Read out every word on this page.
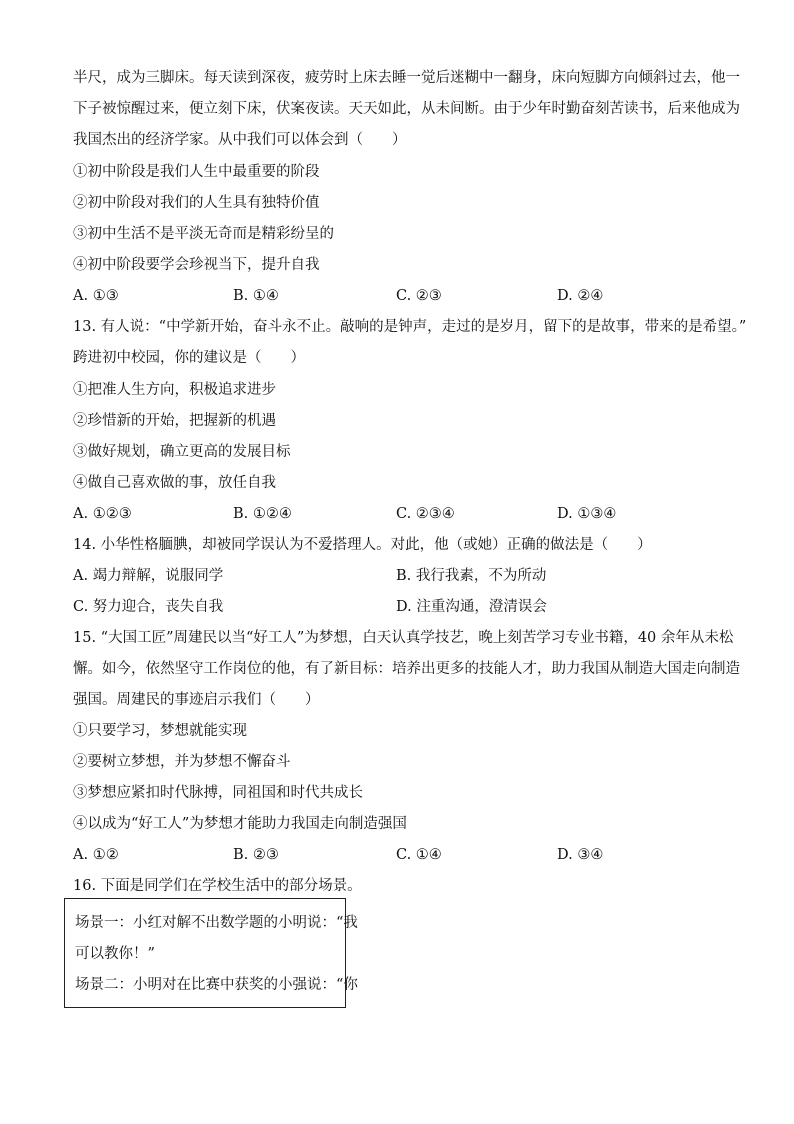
半尺，成为三脚床。每天读到深夜，疲劳时上床去睡一觉后迷糊中一翻身，床向短脚方向倾斜过去，他一
下子被惊醒过来，便立刻下床，伏案夜读。天天如此，从未间断。由于少年时勤奋刻苦读书，后来他成为
我国杰出的经济学家。从中我们可以体会到（　　）
①初中阶段是我们人生中最重要的阶段
②初中阶段对我们的人生具有独特价值
③初中生活不是平淡无奇而是精彩纷呈的
④初中阶段要学会珍视当下，提升自我
A. ①③	B. ①④	C. ②③	D. ②④
13. 有人说：“中学新开始，奋斗永不止。敲响的是钟声，走过的是岁月，留下的是故事，带来的是希望。”
跨进初中校园，你的建议是（　　）
①把准人生方向，积极追求进步
②珍惜新的开始，把握新的机遇
③做好规划，确立更高的发展目标
④做自己喜欢做的事，放任自我
A. ①②③	B. ①②④	C. ②③④	D. ①③④
14. 小华性格腼腆，却被同学误认为不爱搭理人。对此，他（或她）正确的做法是（　　）
A. 竭力辩解，说服同学	B. 我行我素，不为所动
C. 努力迎合，丧失自我	D. 注重沟通，澄清误会
15. “大国工匠”周建民以当“好工人”为梦想，白天认真学技艺，晚上刻苦学习专业书籍，40 余年从未松
懈。如今，依然坚守工作岗位的他，有了新目标：培养出更多的技能人才，助力我国从制造大国走向制造
强国。周建民的事迹启示我们（　　）
①只要学习，梦想就能实现
②要树立梦想，并为梦想不懈奋斗
③梦想应紧扣时代脉搏，同祖国和时代共成长
④以成为“好工人”为梦想才能助力我国走向制造强国
A. ①②	B. ②③	C. ①④	D. ③④
16. 下面是同学们在学校生活中的部分场景。
场景一：小红对解不出数学题的小明说：“我
可以教你！”
场景二：小明对在比赛中获奖的小强说：“你
